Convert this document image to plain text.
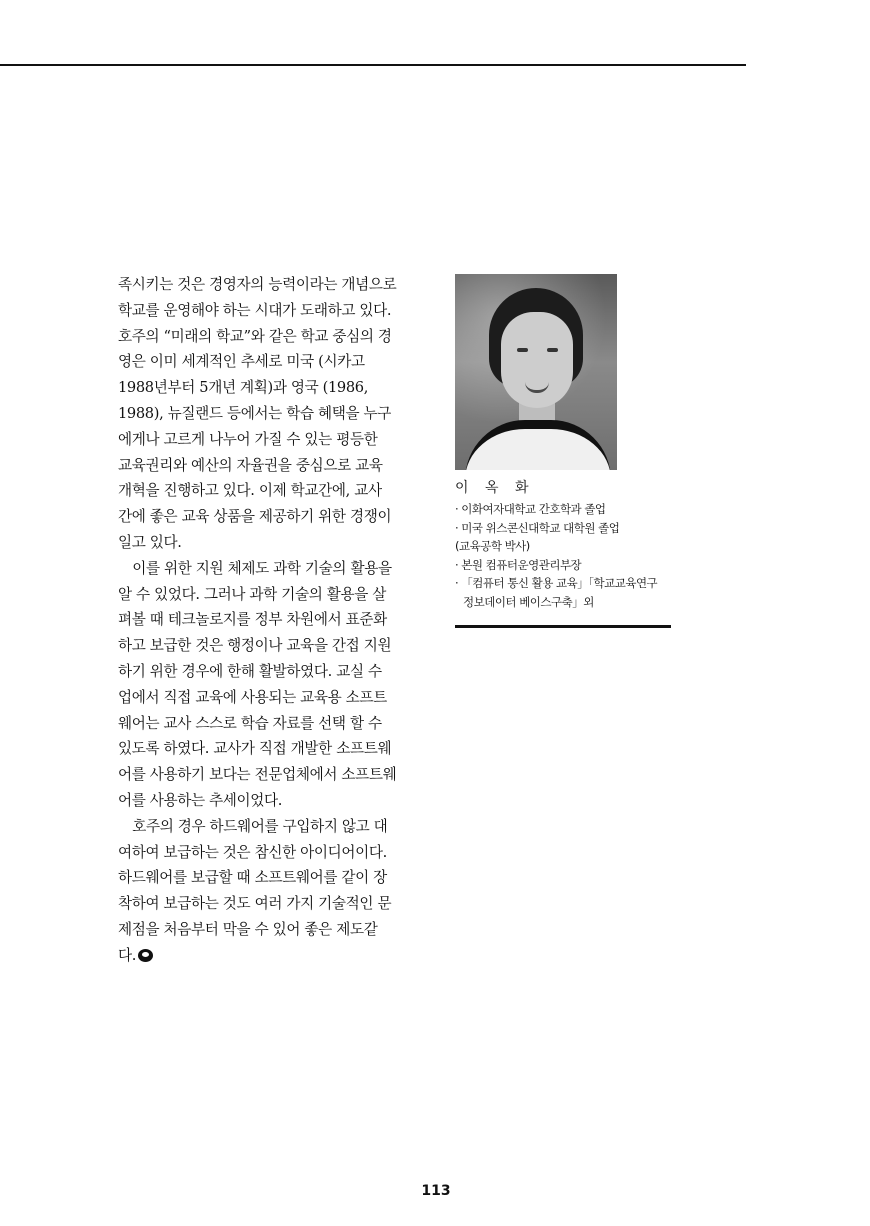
족시키는 것은 경영자의 능력이라는 개념으로
학교를 운영해야 하는 시대가 도래하고 있다.
호주의 “미래의 학교”와 같은 학교 중심의 경
영은 이미 세계적인 추세로 미국 (시카고
1988년부터 5개년 계획)과 영국 (1986,
1988), 뉴질랜드 등에서는 학습 혜택을 누구
에게나 고르게 나누어 가질 수 있는 평등한
교육권리와 예산의 자율권을 중심으로 교육
개혁을 진행하고 있다. 이제 학교간에, 교사
간에 좋은 교육 상품을 제공하기 위한 경쟁이
일고 있다.

　이를 위한 지원 체제도 과학 기술의 활용을
알 수 있었다. 그러나 과학 기술의 활용을 살
펴볼 때 테크놀로지를 정부 차원에서 표준화
하고 보급한 것은 행정이나 교육을 간접 지원
하기 위한 경우에 한해 활발하였다. 교실 수
업에서 직접 교육에 사용되는 교육용 소프트
웨어는 교사 스스로 학습 자료를 선택 할 수
있도록 하였다. 교사가 직접 개발한 소프트웨
어를 사용하기 보다는 전문업체에서 소프트웨
어를 사용하는 추세이었다.

　호주의 경우 하드웨어를 구입하지 않고 대
여하여 보급하는 것은 참신한 아이디어이다.
하드웨어를 보급할 때 소프트웨어를 같이 장
착하여 보급하는 것도 여러 가지 기술적인 문
제점을 처음부터 막을 수 있어 좋은 제도같
다.

이 옥 화
· 이화여자대학교 간호학과 졸업
· 미국 위스콘신대학교 대학원 졸업
(교육공학 박사)
· 본원 컴퓨터운영관리부장
· 「컴퓨터 통신 활용 교육」「학교교육연구
정보데이터 베이스구축」외
113
